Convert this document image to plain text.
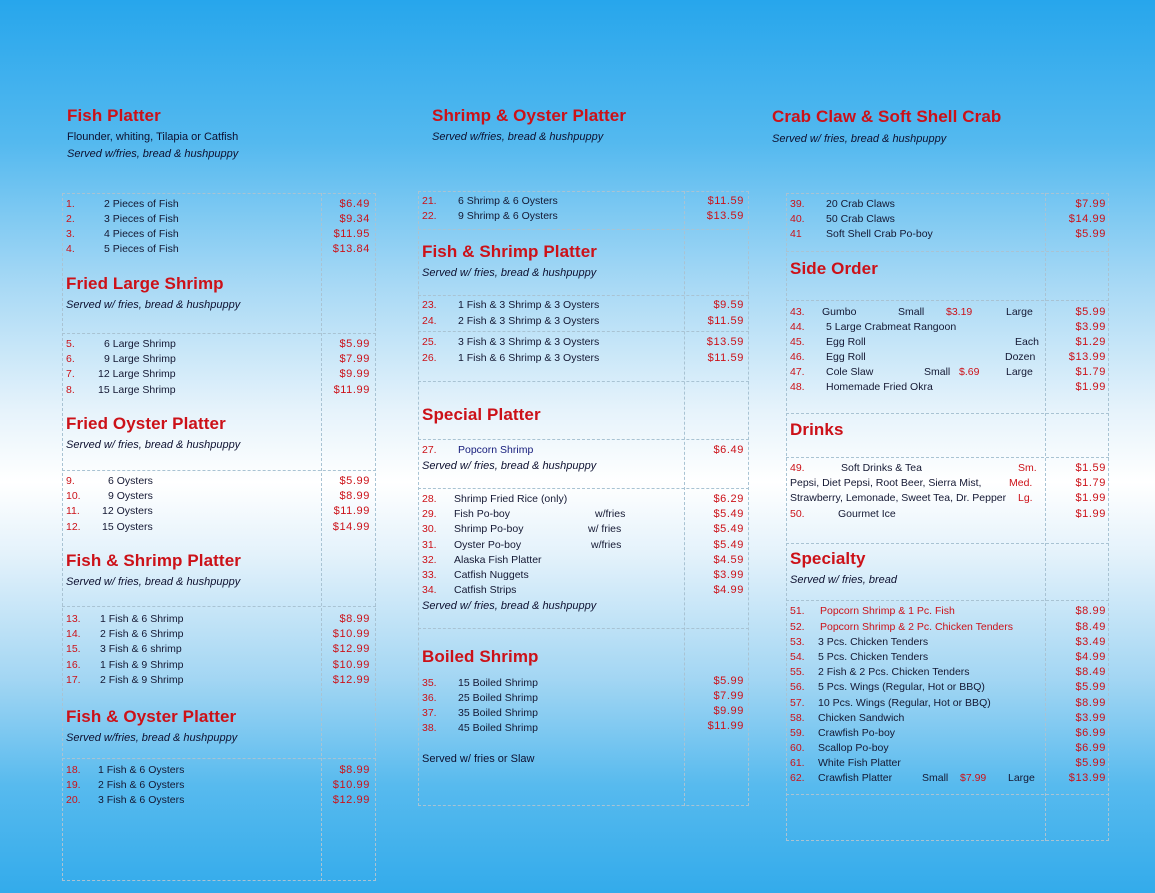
Fish Platter
Flounder, whiting, Tilapia or Catfish
Served w/fries, bread & hushpuppy
1.	2 Pieces of Fish	$6.49
2.	3 Pieces of Fish	$9.34
3.	4 Pieces of Fish	$11.95
4.	5 Pieces of Fish	$13.84
Fried Large Shrimp
Served w/ fries, bread & hushpuppy
5.	6 Large Shrimp	$5.99
6.	9 Large Shrimp	$7.99
7. 12 Large Shrimp	$9.99
8. 15 Large Shrimp	$11.99
Fried Oyster Platter
Served w/ fries, bread & hushpuppy
9.	6 Oysters	$5.99
10.	9 Oysters	$8.99
11. 12 Oysters	$11.99
12. 15 Oysters	$14.99
Fish & Shrimp Platter
Served w/ fries, bread & hushpuppy
13. 1 Fish & 6 Shrimp	$8.99
14. 2 Fish & 6 Shrimp	$10.99
15. 3 Fish & 6 shrimp	$12.99
16. 1 Fish & 9 Shrimp	$10.99
17. 2 Fish & 9 Shrimp	$12.99
Fish & Oyster Platter
Served w/fries, bread & hushpuppy
18. 1 Fish & 6 Oysters	$8.99
19. 2 Fish & 6 Oysters	$10.99
20. 3 Fish & 6 Oysters	$12.99
Shrimp & Oyster Platter
Served w/fries, bread & hushpuppy
21. 6 Shrimp & 6 Oysters	$11.59
22. 9 Shrimp & 6 Oysters	$13.59
Fish & Shrimp Platter
Served w/ fries, bread & hushpuppy
23. 1 Fish & 3 Shrimp & 3 Oysters	$9.59
24. 2 Fish & 3 Shrimp & 3 Oysters	$11.59
25. 3 Fish & 3 Shrimp & 3 Oysters	$13.59
26. 1 Fish & 6 Shrimp & 3 Oysters	$11.59
Special Platter
27. Popcorn Shrimp	$6.49
Served w/ fries, bread & hushpuppy
28. Shrimp Fried Rice (only)	$6.29
29. Fish Po-boy	w/fries	$5.49
30. Shrimp Po-boy	w/ fries	$5.49
31. Oyster Po-boy	w/fries	$5.49
32. Alaska Fish Platter	$4.59
33. Catfish Nuggets	$3.99
34. Catfish Strips	$4.99
Served w/ fries, bread & hushpuppy
Boiled Shrimp
35. 15 Boiled Shrimp	$5.99
36. 25 Boiled Shrimp	$7.99
37. 35 Boiled Shrimp	$9.99
38. 45 Boiled Shrimp	$11.99
Served w/ fries or Slaw
Crab Claw & Soft Shell Crab
Served w/ fries, bread & hushpuppy
39. 20 Crab Claws	$7.99
40. 50 Crab Claws	$14.99
41 Soft Shell Crab Po-boy	$5.99
Side Order
43. Gumbo	Small $3.19	Large	$5.99
44. 5 Large Crabmeat Rangoon	$3.99
45. Egg Roll	Each	$1.29
46. Egg Roll	Dozen	$13.99
47. Cole Slaw	Small $.69	Large	$1.79
48. Homemade Fried Okra	$1.99
Drinks
49.	Soft Drinks & Tea	Sm.	$1.59
Pepsi, Diet Pepsi, Root Beer, Sierra Mist,	Med.	$1.79
Strawberry, Lemonade, Sweet Tea, Dr. Pepper Lg.	$1.99
50.	Gourmet Ice	$1.99
Specialty
Served w/ fries, bread
51. Popcorn Shrimp & 1 Pc. Fish	$8.99
52. Popcorn Shrimp & 2 Pc. Chicken Tenders	$8.49
53. 3 Pcs. Chicken Tenders	$3.49
54. 5 Pcs. Chicken Tenders	$4.99
55. 2 Fish & 2 Pcs. Chicken Tenders	$8.49
56. 5 Pcs. Wings (Regular, Hot or BBQ)	$5.99
57. 10 Pcs. Wings (Regular, Hot or BBQ)	$8.99
58. Chicken Sandwich	$3.99
59. Crawfish Po-boy	$6.99
60. Scallop Po-boy	$6.99
61. White Fish Platter	$5.99
62. Crawfish Platter	Small $7.99 Large	$13.99
